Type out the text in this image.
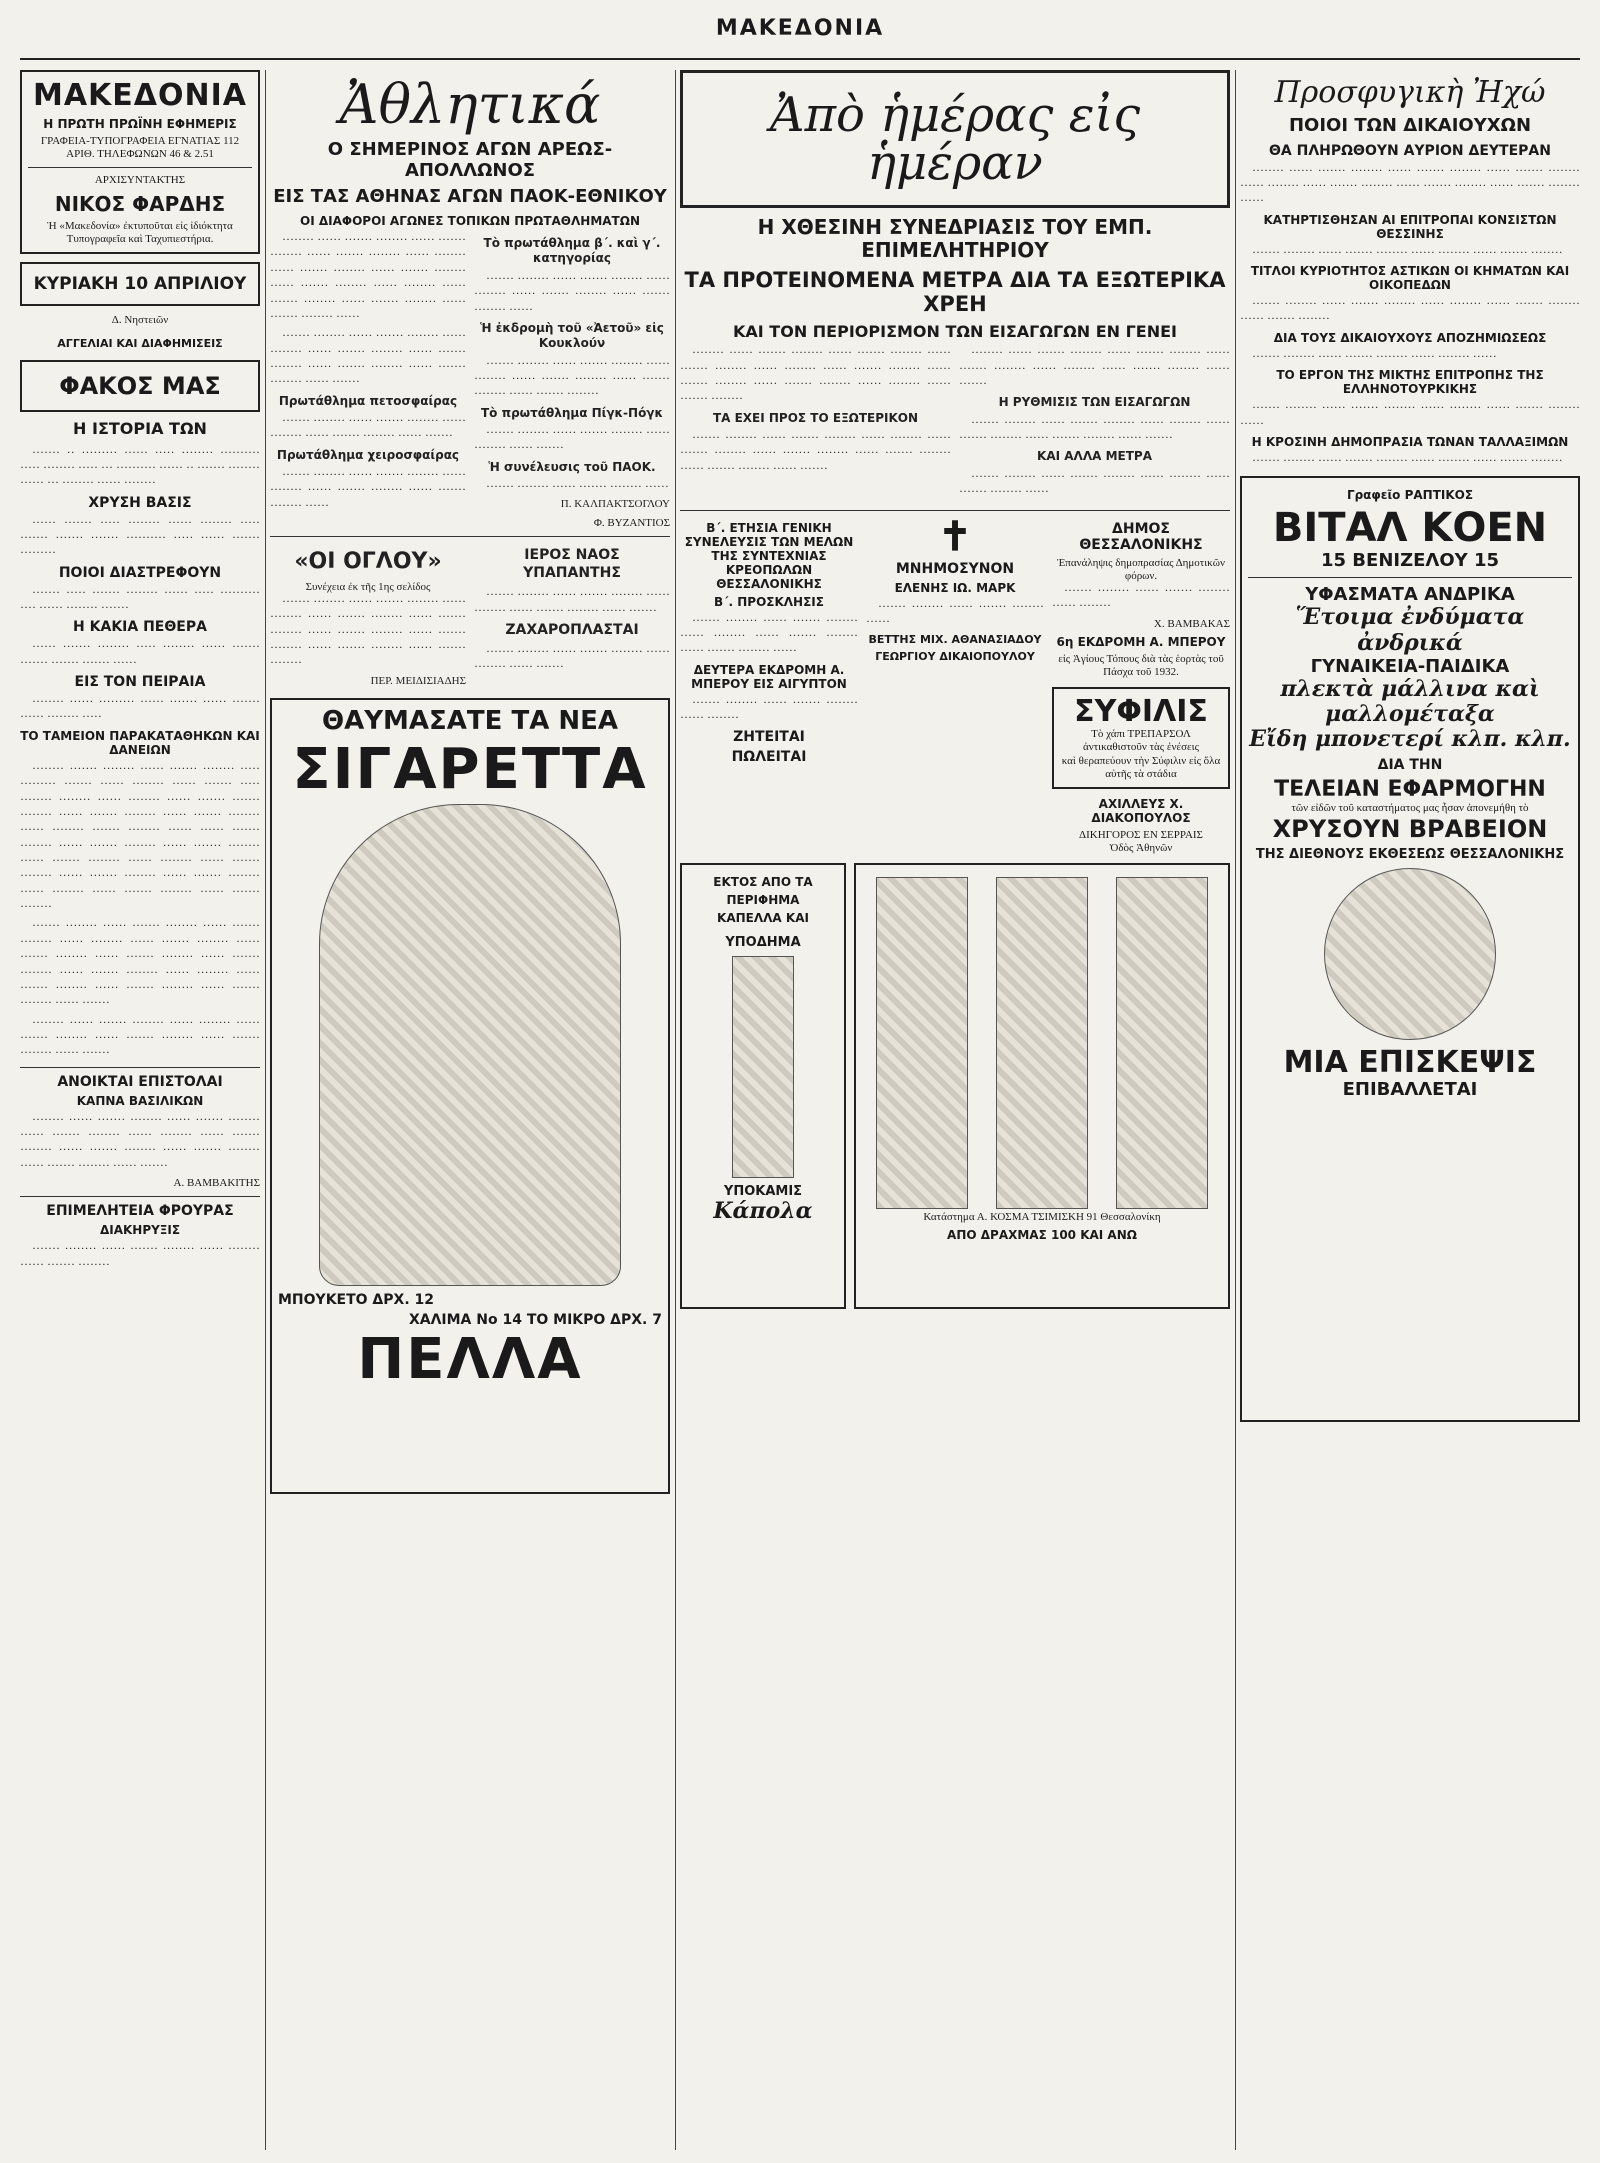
ΜΑΚΕΔΟΝΙΑ
ΜΑΚΕΔΟΝΙΑ
Η ΠΡΩΤΗ ΠΡΩΪΝΗ ΕΦΗΜΕΡΙΣ
ΓΡΑΦΕΙΑ-ΤΥΠΟΓΡΑΦΕΙΑ ΕΓΝΑΤΙΑΣ 112
ΑΡΙΘ. ΤΗΛΕΦΩΝΩΝ 46 & 2.51
ΑΡΧΙΣΥΝΤΑΚΤΗΣ
ΝΙΚΟΣ ΦΑΡΔΗΣ
Ἡ «Μακεδονία» ἐκτυποῦται εἰς ἰδιόκτητα Τυπογραφεῖα καὶ Ταχυπιεστήρια.
ΚΥΡΙΑΚΗ 10 ΑΠΡΙΛΙΟΥ
Δ. Νηστειῶν
ΑΓΓΕΛΙΑΙ ΚΑΙ ΔΙΑΦΗΜΙΣΕΙΣ
ΦΑΚΟΣ ΜΑΣ
Η ΙΣΤΟΡΙΑ ΤΩΝ

······· ·· ········· ······ ····· ········ ·········· ····· ········ ····· ··· ·········· ······ ·· ······· ········ ······ ··· ········ ······ ········

ΧΡΥΣΗ ΒΑΣΙΣ

······ ······· ····· ········ ······ ········ ····· ······· ······· ······· ·········· ····· ······ ······· ·········

ΠΟΙΟΙ ΔΙΑΣΤΡΕΦΟΥΝ

······· ····· ······· ········ ······ ····· ·········· ···· ······ ········ ·······

Η ΚΑΚΙΑ ΠΕΘΕΡΑ

······ ······· ········ ····· ········ ······ ······· ······· ······· ······· ······

ΕΙΣ ΤΟΝ ΠΕΙΡΑΙΑ

········ ······ ········· ······ ······· ······ ······· ······ ········ ·····

ΤΟ ΤΑΜΕΙΟΝ ΠΑΡΑΚΑΤΑΘΗΚΩΝ ΚΑΙ ΔΑΝΕΙΩΝ

········ ······· ········ ······ ······· ········ ····· ········· ······· ······ ········ ······ ······· ····· ········ ········ ······ ········ ······ ······· ······· ········ ······ ······· ········ ······ ······· ········ ······ ········ ······· ········ ······ ······ ······· ········ ······ ······· ········ ······ ······· ········ ······ ······· ········ ······ ········ ······ ······· ········ ······ ······· ········ ······ ······· ········ ······ ········ ······ ······· ········ ······ ······· ········

······· ········ ······ ······· ········ ······ ······· ········ ······ ········ ······ ······· ········ ······ ······· ········ ······ ······· ········ ······ ······· ········ ······ ······· ········ ······ ········ ······ ······· ········ ······ ······· ········ ······ ······· ········ ······ ·······

········ ······ ······· ········ ······ ········ ······ ······· ········ ······ ······· ········ ······ ······· ········ ······ ·······

ΑΝΟΙΚΤΑΙ ΕΠΙΣΤΟΛΑΙ
ΚΑΠΝΑ ΒΑΣΙΛΙΚΩΝ

········ ······ ······· ········ ······ ······· ········ ······ ······· ········ ······ ········ ······ ······· ········ ······ ······· ········ ······ ······· ········ ······ ······· ········ ······ ·······

Α. ΒΑΜΒΑΚΙΤΗΣ
ΕΠΙΜΕΛΗΤΕΙΑ ΦΡΟΥΡΑΣ
ΔΙΑΚΗΡΥΞΙΣ

······· ········ ······ ······· ········ ······ ········ ······ ······· ········

Ἀθλητικά
Ο ΣΗΜΕΡΙΝΟΣ ΑΓΩΝ ΑΡΕΩΣ-ΑΠΟΛΛΩΝΟΣ
ΕΙΣ ΤΑΣ ΑΘΗΝΑΣ ΑΓΩΝ ΠΑΟΚ-ΕΘΝΙΚΟΥ
ΟΙ ΔΙΑΦΟΡΟΙ ΑΓΩΝΕΣ ΤΟΠΙΚΩΝ ΠΡΩΤΑΘΛΗΜΑΤΩΝ

········ ······ ······· ········ ······ ······· ········ ······ ······· ········ ······ ········ ······ ······· ········ ······ ······· ········ ······ ······· ········ ······ ········ ······ ······· ········ ······ ······· ········ ······ ······· ········ ······

······· ········ ······ ······· ········ ······ ········ ······ ······· ········ ······ ······· ········ ······ ······· ········ ······ ······· ········ ······ ·······

Πρωτάθλημα πετοσφαίρας

······· ········ ······ ······· ········ ······ ········ ······ ······· ········ ······ ·······

Πρωτάθλημα χειροσφαίρας

······· ········ ······ ······· ········ ······ ········ ······ ······· ········ ······ ······· ········ ······

Τὸ πρωτάθλημα β΄. καὶ γ΄. κατηγορίας

······· ········ ······ ······· ········ ······ ········ ······ ······· ········ ······ ······· ········ ······

Ἡ ἐκδρομὴ τοῦ «Ἀετοῦ» εἰς Κουκλούν

······· ········ ······ ······· ········ ······ ········ ······ ······· ········ ······ ······· ········ ······ ······· ········

Τὸ πρωτάθλημα Πίγκ-Πόγκ

······· ········ ······ ······· ········ ······ ········ ······ ·······

Ἡ συνέλευσις τοῦ ΠΑΟΚ.

······· ········ ······ ······· ········ ······

Π. ΚΑΛΠΑΚΤΣΟΓΛΟΥ
Φ. ΒΥΖΑΝΤΙΟΣ
«ΟΙ ΟΓΛΟΥ»
Συνέχεια ἐκ τῆς 1ης σελίδος

······· ········ ······ ······· ········ ······ ········ ······ ······· ········ ······ ······· ········ ······ ······· ········ ······ ······· ········ ······ ······· ········ ······ ······· ········

ΠΕΡ. ΜΕΙΔΙΣΙΑΔΗΣ
ΙΕΡΟΣ ΝΑΟΣ ΥΠΑΠΑΝΤΗΣ

······· ········ ······ ······· ········ ······ ········ ······ ······· ········ ······ ·······

ΖΑΧΑΡΟΠΛΑΣΤΑΙ

······· ········ ······ ······· ········ ······ ········ ······ ·······

ΘΑΥΜΑΣΑΤΕ ΤΑ ΝΕΑ
ΣΙΓΑΡΕΤΤΑ
ΜΠΟΥΚΕΤΟ ΔΡΧ. 12
ΧΑΛΙΜΑ Νο 14 ΤΟ ΜΙΚΡΟ ΔΡΧ. 7
ΠΕΛΛΑ
Ἀπὸ ἡμέρας εἰς ἡμέραν
Η ΧΘΕΣΙΝΗ ΣΥΝΕΔΡΙΑΣΙΣ ΤΟΥ ΕΜΠ. ΕΠΙΜΕΛΗΤΗΡΙΟΥ
ΤΑ ΠΡΟΤΕΙΝΟΜΕΝΑ ΜΕΤΡΑ ΔΙΑ ΤΑ ΕΞΩΤΕΡΙΚΑ ΧΡΕΗ
ΚΑΙ ΤΟΝ ΠΕΡΙΟΡΙΣΜΟΝ ΤΩΝ ΕΙΣΑΓΩΓΩΝ ΕΝ ΓΕΝΕΙ

········ ······ ······· ········ ······ ······· ········ ······ ······· ········ ······ ········ ······ ······· ········ ······ ······· ········ ······ ······· ········ ······ ········ ······ ······· ········

ΤΑ ΕΧΕΙ ΠΡΟΣ ΤΟ ΕΞΩΤΕΡΙΚΟΝ

······· ········ ······ ······· ········ ······ ········ ······ ······· ········ ······ ······· ········ ······ ······· ········ ······ ······· ········ ······ ·······

········ ······ ······· ········ ······ ······· ········ ······ ······· ········ ······ ········ ······ ······· ········ ······ ·······

Η ΡΥΘΜΙΣΙΣ ΤΩΝ ΕΙΣΑΓΩΓΩΝ

······· ········ ······ ······· ········ ······ ········ ······ ······· ········ ······ ······· ········ ······ ·······

ΚΑΙ ΑΛΛΑ ΜΕΤΡΑ

······· ········ ······ ······· ········ ······ ········ ······ ······· ········ ······

Β΄. ΕΤΗΣΙΑ ΓΕΝΙΚΗ ΣΥΝΕΛΕΥΣΙΣ ΤΩΝ ΜΕΛΩΝ ΤΗΣ ΣΥΝΤΕΧΝΙΑΣ ΚΡΕΟΠΩΛΩΝ ΘΕΣΣΑΛΟΝΙΚΗΣ
Β΄. ΠΡΟΣΚΛΗΣΙΣ

······· ········ ······ ······· ········ ······ ········ ······ ······· ········ ······ ······· ········ ······

ΔΕΥΤΕΡΑ ΕΚΔΡΟΜΗ Α. ΜΠΕΡΟΥ ΕΙΣ ΑΙΓΥΠΤΟΝ

······· ········ ······ ······· ········ ······ ········

ΖΗΤΕΙΤΑΙ
ΠΩΛΕΙΤΑΙ
✝
ΜΝΗΜΟΣΥΝΟΝ
ΕΛΕΝΗΣ ΙΩ. ΜΑΡΚ

······· ········ ······ ······· ········ ······

ΒΕΤΤΗΣ ΜΙΧ. ΑΘΑΝΑΣΙΑΔΟΥ
ΓΕΩΡΓΙΟΥ ΔΙΚΑΙΟΠΟΥΛΟΥ
ΔΗΜΟΣ ΘΕΣΣΑΛΟΝΙΚΗΣ
Ἐπανάληψις δημοπρασίας Δημοτικῶν φόρων.

······· ········ ······ ······· ········ ······ ········

Χ. ΒΑΜΒΑΚΑΣ
6η ΕΚΔΡΟΜΗ Α. ΜΠΕΡΟΥ
εἰς Ἁγίους Τόπους διὰ τὰς ἑορτὰς τοῦ Πάσχα τοῦ 1932.
ΣΥΦΙΛΙΣ
Τὸ χάπι ΤΡΕΠΑΡΣΟΛ
ἀντικαθιστοῦν τὰς ἐνέσεις
καὶ θεραπεύουν τὴν Σύφιλιν εἰς ὅλα αὐτῆς τὰ στάδια
ΑΧΙΛΛΕΥΣ Χ. ΔΙΑΚΟΠΟΥΛΟΣ
ΔΙΚΗΓΟΡΟΣ ΕΝ ΣΕΡΡΑΙΣ
Ὁδὸς Ἀθηνῶν
ΕΚΤΟΣ ΑΠΟ ΤΑ
ΠΕΡΙΦΗΜΑ
ΚΑΠΕΛΛΑ ΚΑΙ
ΥΠΟΔΗΜΑ
ΥΠΟΚΑΜΙΣ
Κάπολα	Κατάστημα Α. ΚΟΣΜΑ ΤΣΙΜΙΣΚΗ 91 Θεσσαλονίκη
ΑΠΟ ΔΡΑΧΜΑΣ 100 ΚΑΙ ΑΝΩ
Προσφυγικὴ Ἠχώ
ΠΟΙΟΙ ΤΩΝ ΔΙΚΑΙΟΥΧΩΝ
ΘΑ ΠΛΗΡΩΘΟΥΝ ΑΥΡΙΟΝ ΔΕΥΤΕΡΑΝ

········ ······ ······· ········ ······ ······· ········ ······ ······· ········ ······ ········ ······ ······· ········ ······ ······· ········ ······ ······· ········ ······

ΚΑΤΗΡΤΙΣΘΗΣΑΝ ΑΙ ΕΠΙΤΡΟΠΑΙ ΚΟΝΣΙΣΤΩΝ ΘΕΣΣΙΝΗΣ

······· ········ ······ ······· ········ ······ ········ ······ ······· ········

ΤΙΤΛΟΙ ΚΥΡΙΟΤΗΤΟΣ ΑΣΤΙΚΩΝ ΟΙ ΚΗΜΑΤΩΝ ΚΑΙ ΟΙΚΟΠΕΔΩΝ

······· ········ ······ ······· ········ ······ ········ ······ ······· ········ ······ ······· ········

ΔΙΑ ΤΟΥΣ ΔΙΚΑΙΟΥΧΟΥΣ ΑΠΟΖΗΜΙΩΣΕΩΣ

······· ········ ······ ······· ········ ······ ········ ······

ΤΟ ΕΡΓΟΝ ΤΗΣ ΜΙΚΤΗΣ ΕΠΙΤΡΟΠΗΣ ΤΗΣ ΕΛΛΗΝΟΤΟΥΡΚΙΚΗΣ

······· ········ ······ ······· ········ ······ ········ ······ ······· ········ ······

Η ΚΡΟΣΙΝΗ ΔΗΜΟΠΡΑΣΙΑ ΤΩΝΑΝ ΤΑΛΛΑΞΙΜΩΝ

······· ········ ······ ······· ········ ······ ········ ······ ······· ········

Γραφεῖο ΡΑΠΤΙΚΟΣ
ΒΙΤΑΛ ΚΟΕΝ
15 ΒΕΝΙΖΕΛΟΥ 15
ΥΦΑΣΜΑΤΑ ΑΝΔΡΙΚΑ
Ἕτοιμα ἐνδύματα ἀνδρικά
ΓΥΝΑΙΚΕΙΑ-ΠΑΙΔΙΚΑ
πλεκτὰ μάλλινα καὶ μαλλομέταξα
Εἴδη μπονετερί κλπ. κλπ.
ΔΙΑ ΤΗΝ
ΤΕΛΕΙΑΝ ΕΦΑΡΜΟΓΗΝ
τῶν εἰδῶν τοῦ καταστήματος μας ἦσαν ἀπονεμήθη τὸ
ΧΡΥΣΟΥΝ ΒΡΑΒΕΙΟΝ
ΤΗΣ ΔΙΕΘΝΟΥΣ ΕΚΘΕΣΕΩΣ ΘΕΣΣΑΛΟΝΙΚΗΣ
ΜΙΑ ΕΠΙΣΚΕΨΙΣ
ΕΠΙΒΑΛΛΕΤΑΙ
